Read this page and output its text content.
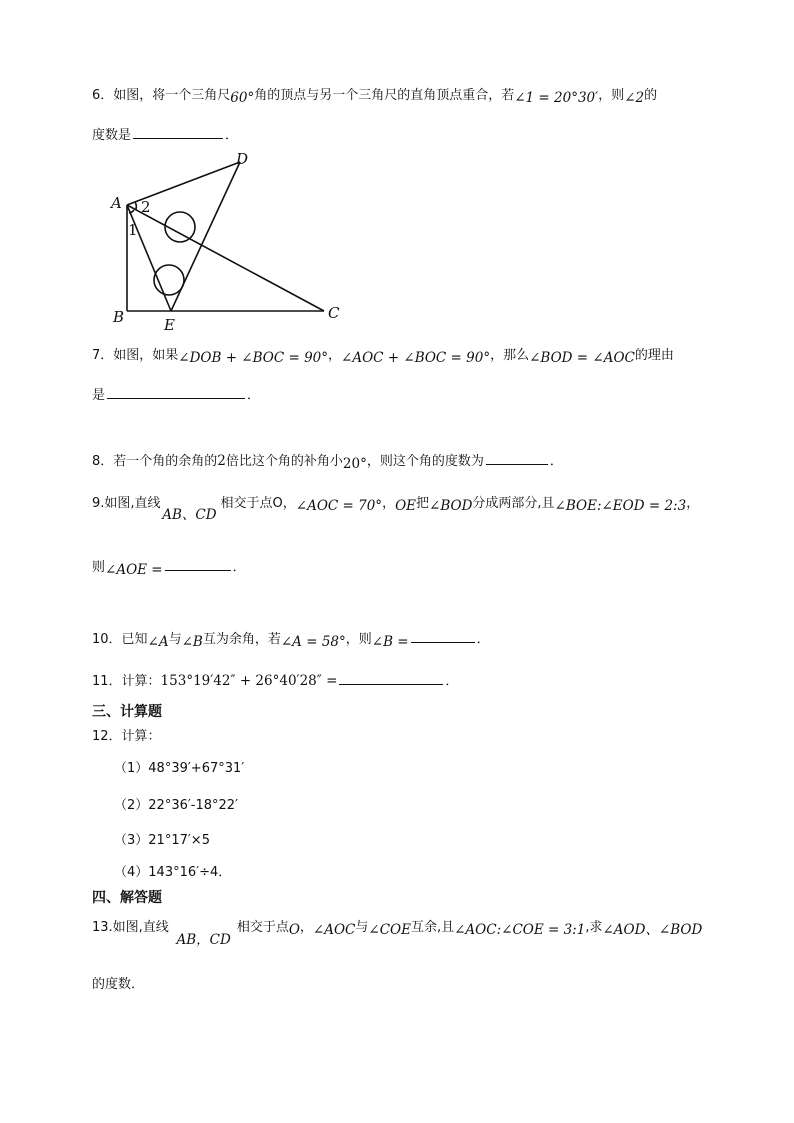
6．如图，将一个三角尺60°角的顶点与另一个三角尺的直角顶点重合，若∠1 = 20°30′，则∠2的
度数是	．
A
B	C
D
E
2
1
7．如图，如果∠DOB + ∠BOC = 90°，∠AOC + ∠BOC = 90°，那么∠BOD = ∠AOC的理由
是	．
8．若一个角的余角的2倍比这个角的补角小20°，则这个角的度数为	．
9.如图,直线AB、CD相交于点O，∠AOC = 70°，OE把∠BOD分成两部分,且∠BOE:∠EOD = 2:3，
则∠AOE =	．
10．已知∠A与∠B互为余角，若∠A = 58°，则∠B =	．
11．计算：153°19′42″ + 26°40′28″ =	．
三、计算题
12．计算：
（1）48°39′+67°31′
（2）22°36′-18°22′
（3）21°17′×5
（4）143°16′÷4．
四、解答题
13.如图,直线AB，CD相交于点O，∠AOC与∠COE互余,且∠AOC:∠COE = 3:1,求∠AOD、∠BOD
的度数．
